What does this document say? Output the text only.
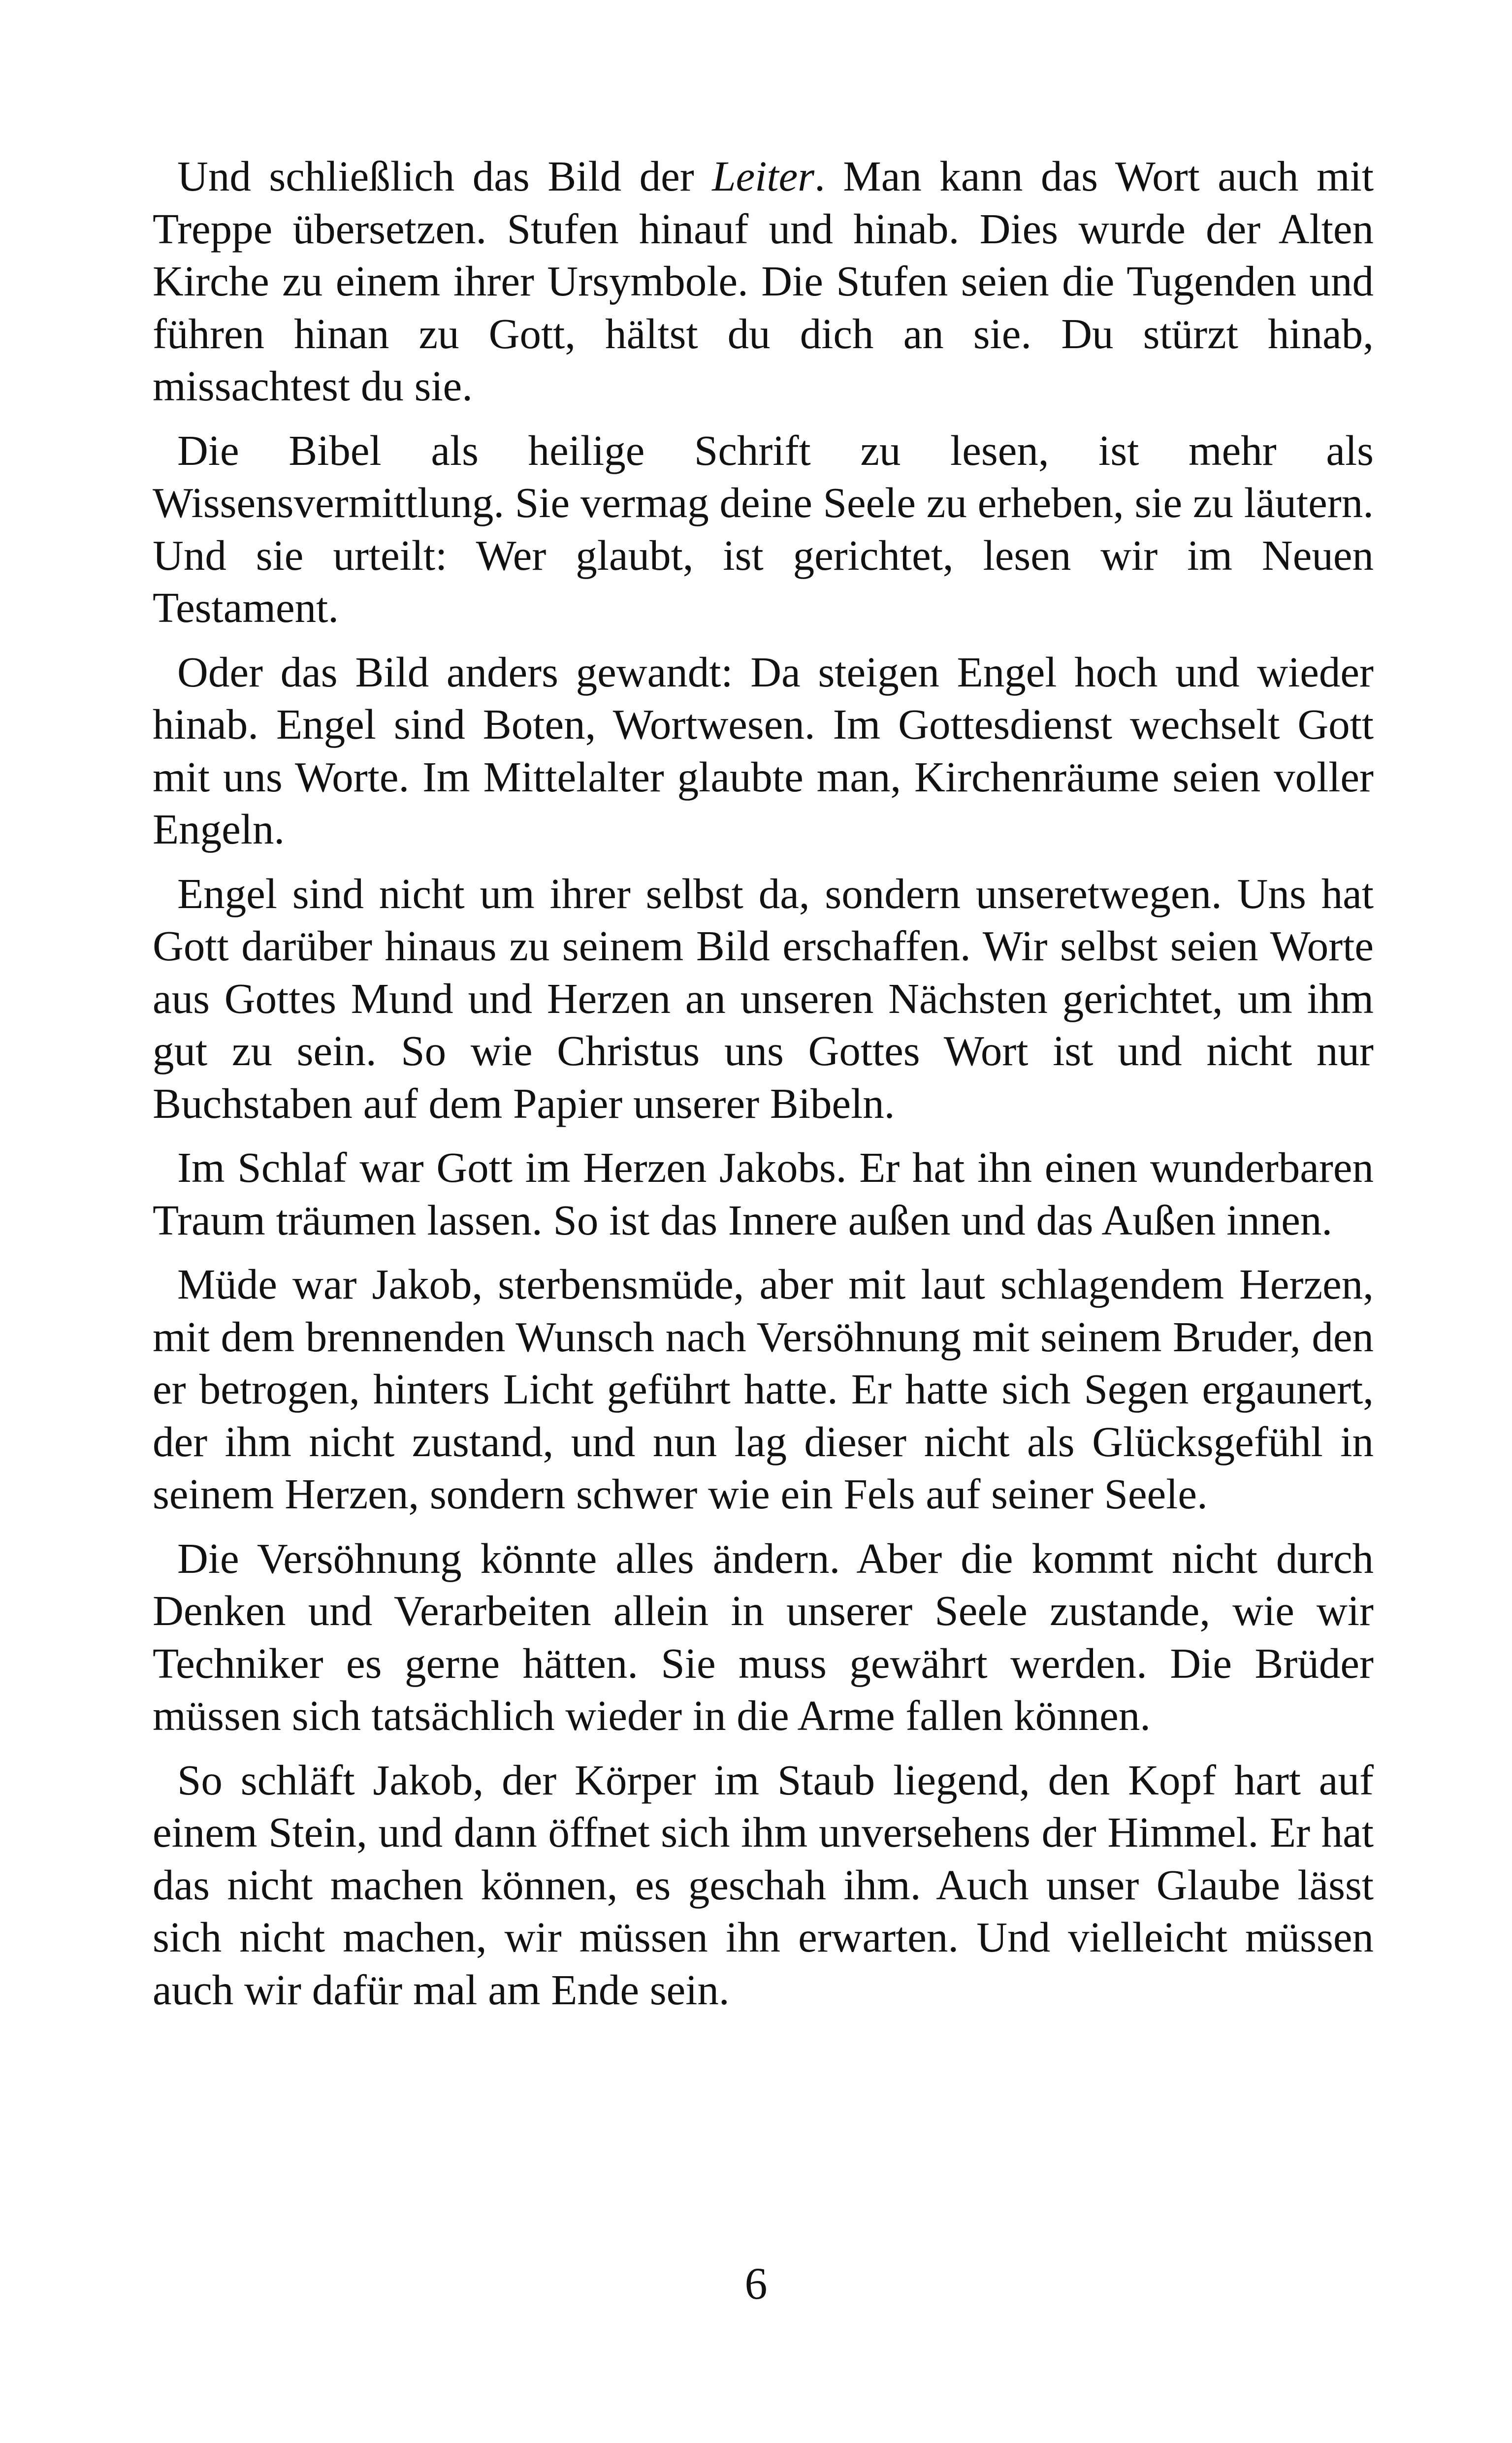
Und schließlich das Bild der Leiter. Man kann das Wort auch mit Treppe übersetzen. Stufen hinauf und hinab. Dies wurde der Alten Kirche zu einem ihrer Ursymbole. Die Stufen seien die Tugenden und führen hinan zu Gott, hältst du dich an sie. Du stürzt hinab, missachtest du sie.

Die Bibel als heilige Schrift zu lesen, ist mehr als Wissensvermittlung. Sie vermag deine Seele zu erheben, sie zu läutern. Und sie urteilt: Wer glaubt, ist gerichtet, lesen wir im Neuen Testament.

Oder das Bild anders gewandt: Da steigen Engel hoch und wieder hinab. Engel sind Boten, Wortwesen. Im Gottesdienst wechselt Gott mit uns Worte. Im Mittelalter glaubte man, Kirchenräume seien voller Engeln.

Engel sind nicht um ihrer selbst da, sondern unseretwegen. Uns hat Gott darüber hinaus zu seinem Bild erschaffen. Wir selbst seien Worte aus Gottes Mund und Herzen an unseren Nächsten gerichtet, um ihm gut zu sein. So wie Christus uns Gottes Wort ist und nicht nur Buchstaben auf dem Papier unserer Bibeln.

Im Schlaf war Gott im Herzen Jakobs. Er hat ihn einen wunderbaren Traum träumen lassen. So ist das Innere außen und das Außen innen.

Müde war Jakob, sterbensmüde, aber mit laut schlagendem Herzen, mit dem brennenden Wunsch nach Versöhnung mit seinem Bruder, den er betrogen, hinters Licht geführt hatte. Er hatte sich Segen ergaunert, der ihm nicht zustand, und nun lag dieser nicht als Glücksgefühl in seinem Herzen, sondern schwer wie ein Fels auf seiner Seele.

Die Versöhnung könnte alles ändern. Aber die kommt nicht durch Denken und Verarbeiten allein in unserer Seele zustande, wie wir Techniker es gerne hätten. Sie muss gewährt werden. Die Brüder müssen sich tatsächlich wieder in die Arme fallen können.

So schläft Jakob, der Körper im Staub liegend, den Kopf hart auf einem Stein, und dann öffnet sich ihm unversehens der Himmel. Er hat das nicht machen können, es geschah ihm. Auch unser Glaube lässt sich nicht machen, wir müssen ihn erwarten. Und vielleicht müssen auch wir dafür mal am Ende sein.

6
